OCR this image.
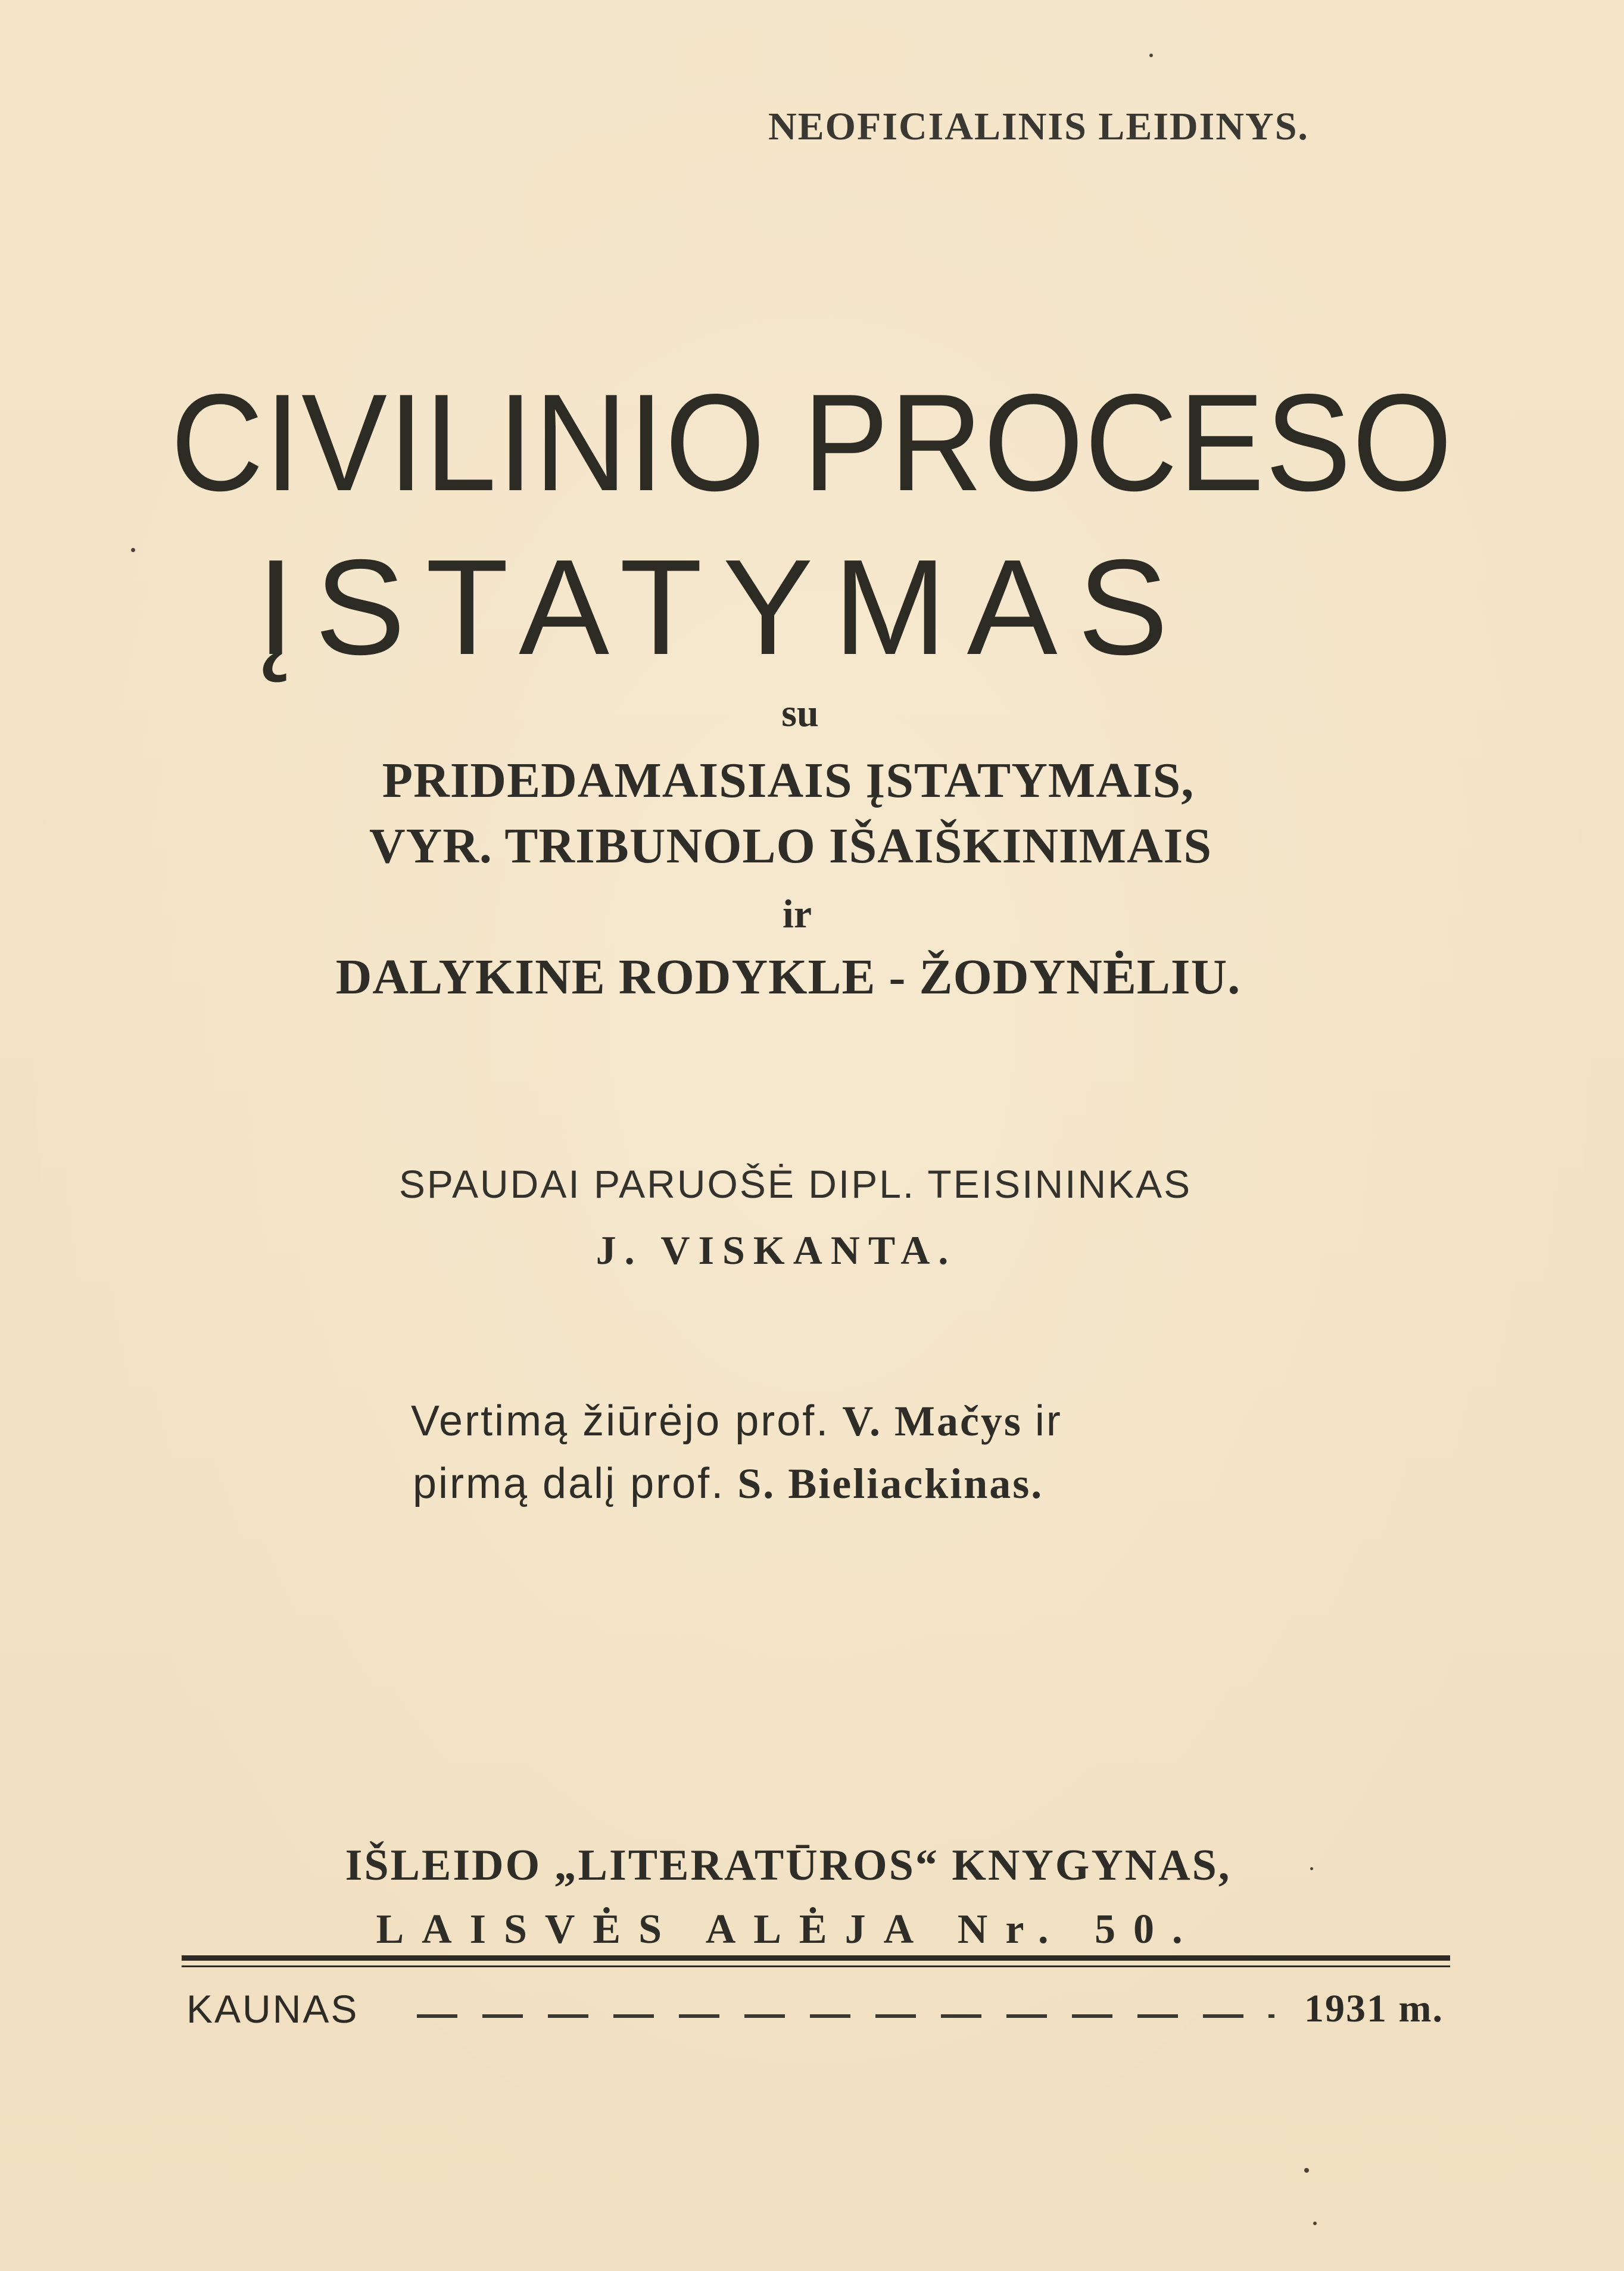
NEOFICIALINIS LEIDINYS.
CIVILINIO PROCESO
ĮSTATYMAS
su
PRIDEDAMAISIAIS ĮSTATYMAIS,
VYR. TRIBUNOLO IŠAIŠKINIMAIS
ir
DALYKINE RODYKLE - ŽODYNĖLIU.
SPAUDAI PARUOŠĖ DIPL. TEISININKAS
J. VISKANTA.
Vertimą žiūrėjo prof. V. Mačys ir
pirmą dalį prof. S. Bieliackinas.
IŠLEIDO „LITERATŪROS“ KNYGYNAS,
LAISVĖS ALĖJA Nr. 50.
KAUNAS	1931 m.
